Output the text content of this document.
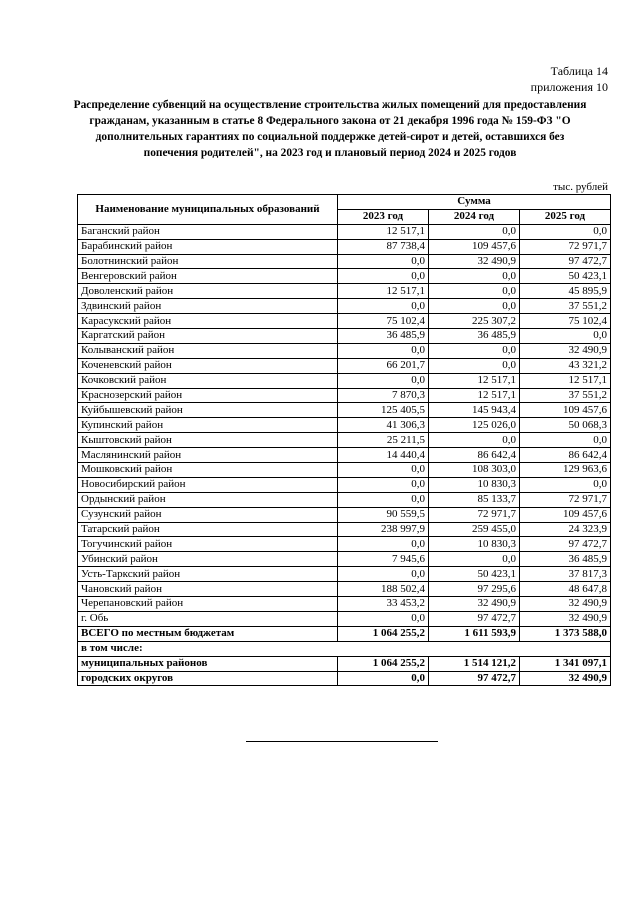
Таблица 14
приложения 10
Распределение субвенций на осуществление строительства жилых помещений для предоставления гражданам, указанным в статье 8 Федерального закона от 21 декабря 1996 года № 159-ФЗ "О дополнительных гарантиях по социальной поддержке детей-сирот и детей, оставшихся без попечения родителей", на 2023 год и плановый период 2024 и 2025 годов
тыс. рублей
Наименование муниципальных образований	Сумма		
	2023 год	2024 год	2025 год
Баганский район	12 517,1	0,0	0,0
Барабинский район	87 738,4	109 457,6	72 971,7
Болотнинский район	0,0	32 490,9	97 472,7
Венгеровский район	0,0	0,0	50 423,1
Доволенский район	12 517,1	0,0	45 895,9
Здвинский район	0,0	0,0	37 551,2
Карасукский район	75 102,4	225 307,2	75 102,4
Каргатский район	36 485,9	36 485,9	0,0
Колыванский район	0,0	0,0	32 490,9
Коченевский район	66 201,7	0,0	43 321,2
Кочковский район	0,0	12 517,1	12 517,1
Краснозерский район	7 870,3	12 517,1	37 551,2
Куйбышевский район	125 405,5	145 943,4	109 457,6
Купинский район	41 306,3	125 026,0	50 068,3
Кыштовский район	25 211,5	0,0	0,0
Маслянинский район	14 440,4	86 642,4	86 642,4
Мошковский район	0,0	108 303,0	129 963,6
Новосибирский район	0,0	10 830,3	0,0
Ордынский район	0,0	85 133,7	72 971,7
Сузунский район	90 559,5	72 971,7	109 457,6
Татарский район	238 997,9	259 455,0	24 323,9
Тогучинский район	0,0	10 830,3	97 472,7
Убинский район	7 945,6	0,0	36 485,9
Усть-Таркский район	0,0	50 423,1	37 817,3
Чановский район	188 502,4	97 295,6	48 647,8
Черепановский район	33 453,2	32 490,9	32 490,9
г. Обь	0,0	97 472,7	32 490,9
ВСЕГО по местным бюджетам	1 064 255,2	1 611 593,9	1 373 588,0
в том числе:			
муниципальных районов	1 064 255,2	1 514 121,2	1 341 097,1
городских округов	0,0	97 472,7	32 490,9
